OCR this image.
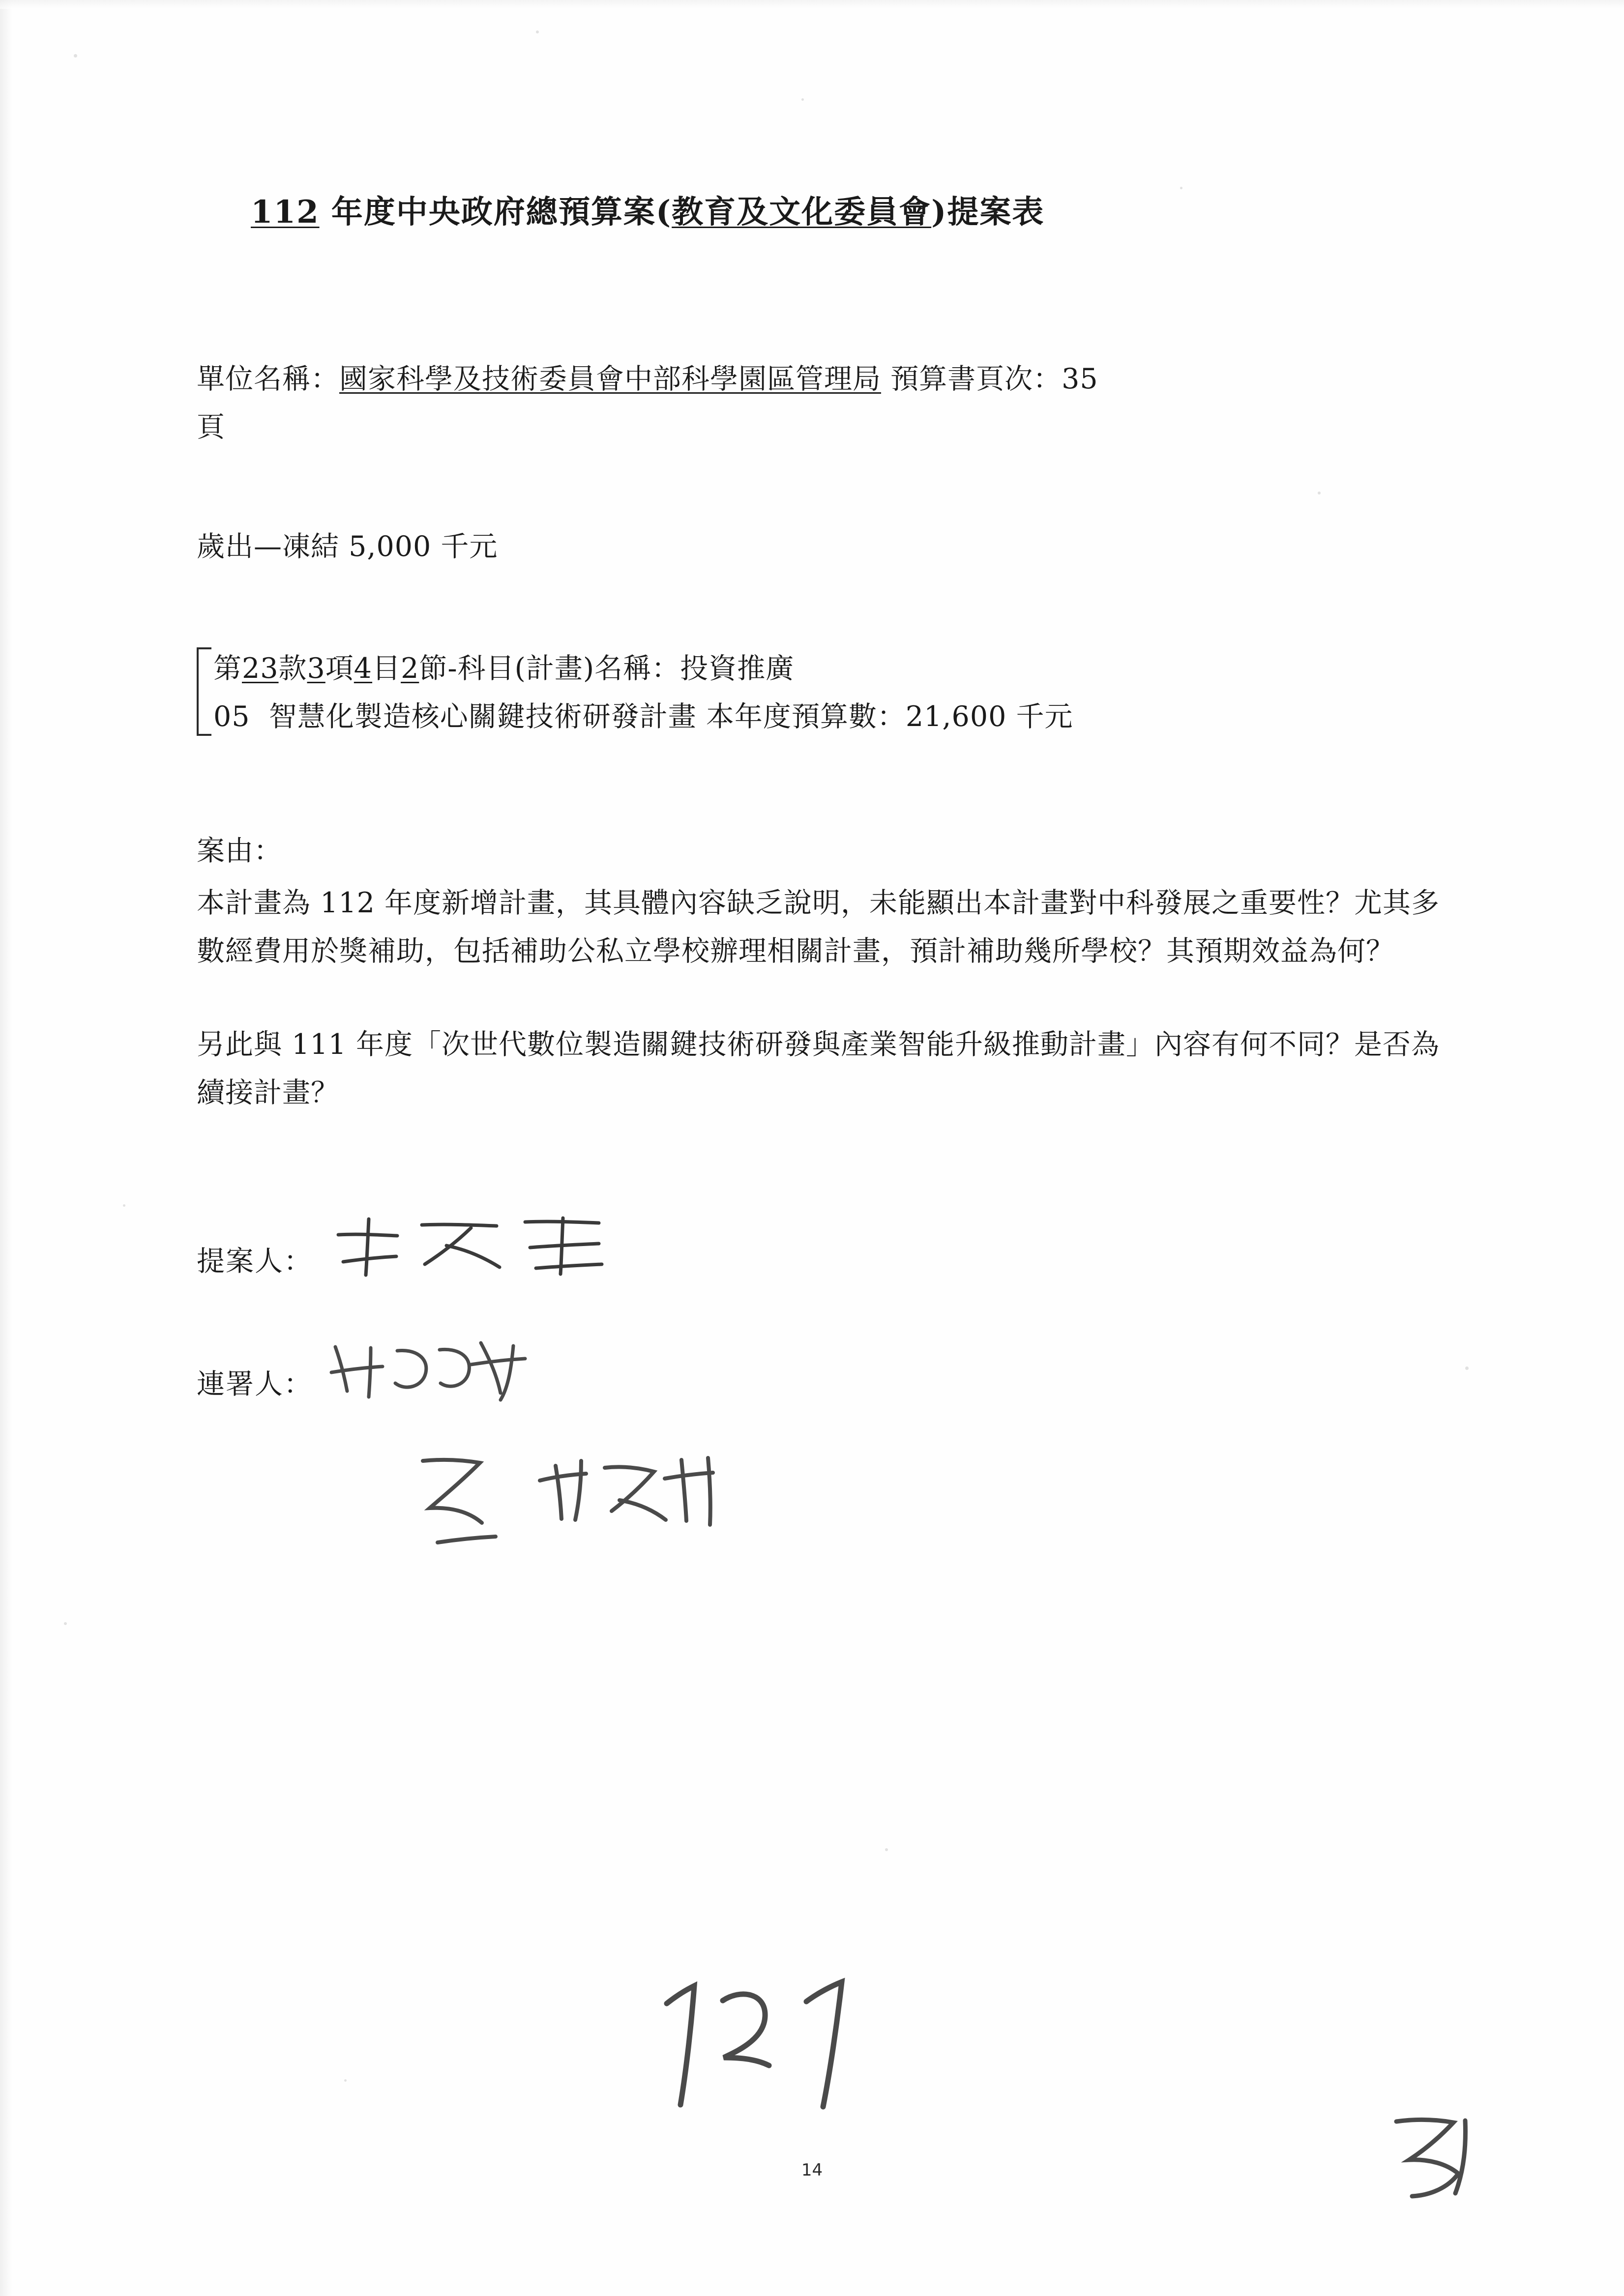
112 年度中央政府總預算案(教育及文化委員會)提案表
單位名稱：國家科學及技術委員會中部科學園區管理局 預算書頁次：35
頁
歲出—凍結 5,000 千元
第23款3項4目2節-科目(計畫)名稱：投資推廣
05 智慧化製造核心關鍵技術研發計畫 本年度預算數：21,600 千元
案由：
本計畫為 112 年度新增計畫，其具體內容缺乏說明，未能顯出本計畫對中科發展之重要性？尤其多數經費用於獎補助，包括補助公私立學校辦理相關計畫，預計補助幾所學校？其預期效益為何？
另此與 111 年度「次世代數位製造關鍵技術研發與產業智能升級推動計畫」內容有何不同？是否為續接計畫？
提案人：
連署人：
14
